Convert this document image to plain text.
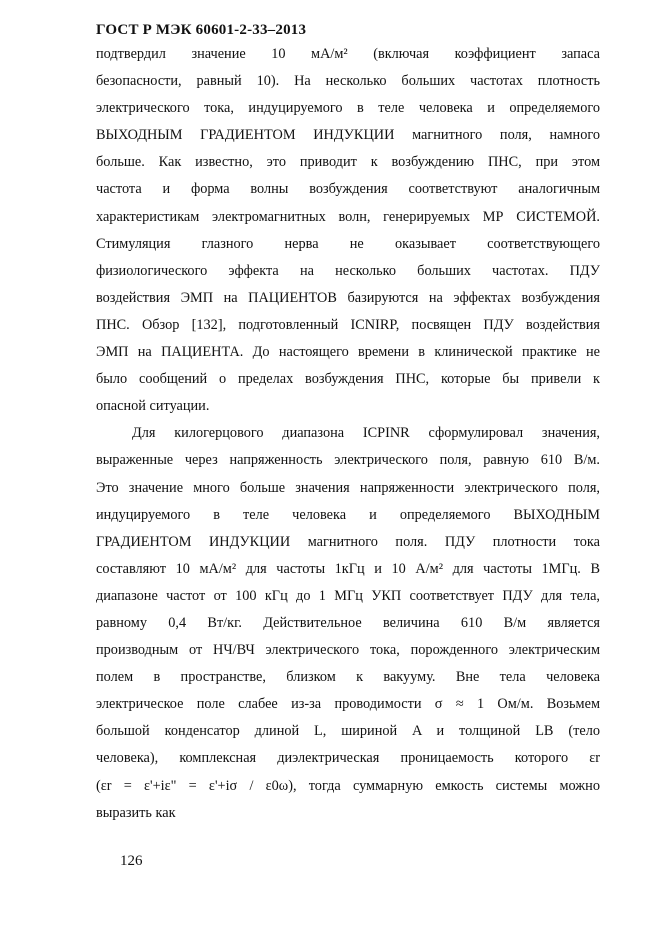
ГОСТ Р МЭК 60601-2-33–2013
подтвердил значение 10 мА/м² (включая коэффициент запаса
безопасности, равный 10). На несколько больших частотах плотность
электрического тока, индуцируемого в теле человека и определяемого
ВЫХОДНЫМ ГРАДИЕНТОМ ИНДУКЦИИ магнитного поля, намного
больше. Как известно, это приводит к возбуждению ПНС, при этом
частота и форма волны возбуждения соответствуют аналогичным
характеристикам электромагнитных волн, генерируемых МР СИСТЕМОЙ.
Стимуляция глазного нерва не оказывает соответствующего
физиологического эффекта на несколько больших частотах. ПДУ
воздействия ЭМП на ПАЦИЕНТОВ базируются на эффектах возбуждения
ПНС. Обзор [132], подготовленный ICNIRP, посвящен ПДУ воздействия
ЭМП на ПАЦИЕНТА. До настоящего времени в клинической практике не
было сообщений о пределах возбуждения ПНС, которые бы привели к
опасной ситуации.
Для килогерцового диапазона ICPINR сформулировал значения,
выраженные через напряженность электрического поля, равную 610 В/м.
Это значение много больше значения напряженности электрического поля,
индуцируемого в теле человека и определяемого ВЫХОДНЫМ
ГРАДИЕНТОМ ИНДУКЦИИ магнитного поля. ПДУ плотности тока
составляют 10 мА/м² для частоты 1кГц и 10 А/м² для частоты 1МГц. В
диапазоне частот от 100 кГц до 1 МГц УКП соответствует ПДУ для тела,
равному 0,4 Вт/кг. Действительное величина 610 В/м является
производным от НЧ/ВЧ электрического тока, порожденного электрическим
полем в пространстве, близком к вакууму. Вне тела человека
электрическое поле слабее из-за проводимости σ ≈ 1 Ом/м. Возьмем
большой конденсатор длиной L, шириной A и толщиной LB (тело
человека), комплексная диэлектрическая проницаемость которого εr
(εr = ε'+iε" = ε'+iσ / ε0ω), тогда суммарную емкость системы можно
выразить как
126
